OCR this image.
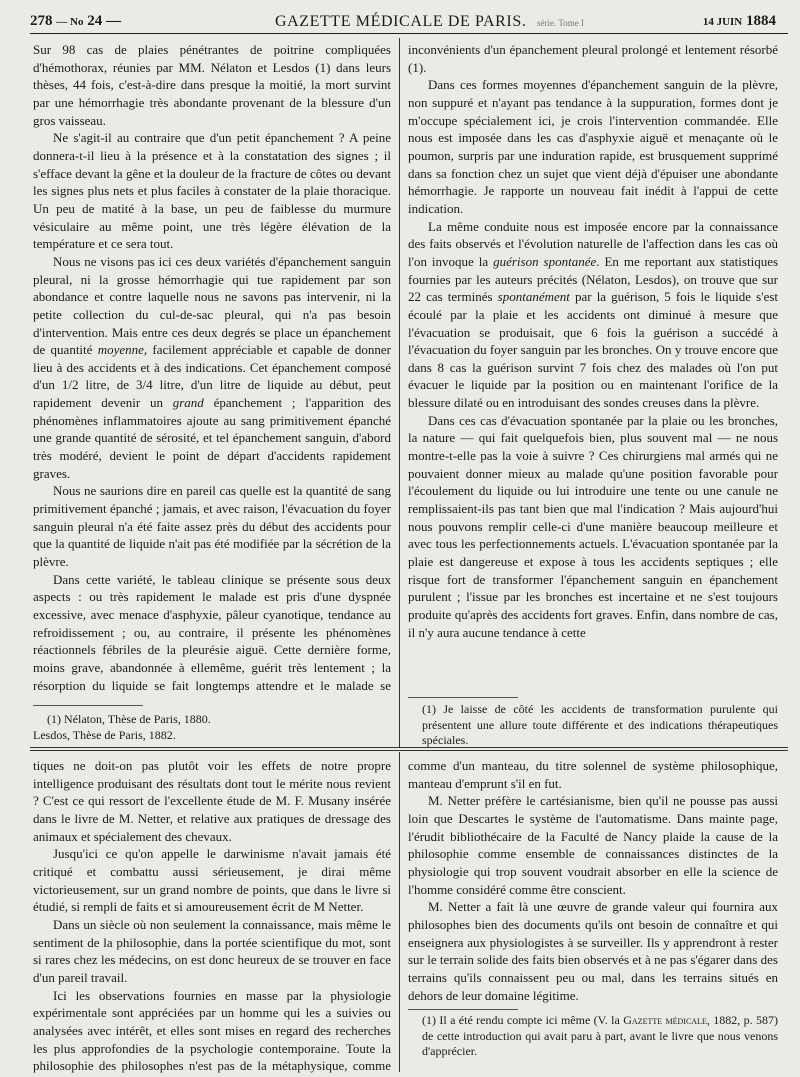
278 — No 24 —	GAZETTE MÉDICALE DE PARIS. série. Tome I	14 JUIN 1884

Sur 98 cas de plaies pénétrantes de poitrine compliquées d'hémothorax, réunies par MM. Nélaton et Lesdos (1) dans leurs thèses, 44 fois, c'est-à-dire dans presque la moitié, la mort survint par une hémorrhagie très abondante provenant de la blessure d'un gros vaisseau.

Ne s'agit-il au contraire que d'un petit épanchement ? A peine donnera-t-il lieu à la présence et à la constatation des signes ; il s'efface devant la gêne et la douleur de la fracture de côtes ou devant les signes plus nets et plus faciles à constater de la plaie thoracique. Un peu de matité à la base, un peu de faiblesse du murmure vésiculaire au même point, une très légère élévation de la température et ce sera tout.

Nous ne visons pas ici ces deux variétés d'épanchement sanguin pleural, ni la grosse hémorrhagie qui tue rapidement par son abondance et contre laquelle nous ne savons pas intervenir, ni la petite collection du cul-de-sac pleural, qui n'a pas besoin d'intervention. Mais entre ces deux degrés se place un épanchement de quantité moyenne, facilement appréciable et capable de donner lieu à des accidents et à des indications. Cet épanchement composé d'un 1/2 litre, de 3/4 litre, d'un litre de liquide au début, peut rapidement devenir un grand épanchement ; l'apparition des phénomènes inflammatoires ajoute au sang primitivement épanché une grande quantité de sérosité, et tel épanchement sanguin, d'abord très modéré, devient le point de départ d'accidents rapidement graves.

Nous ne saurions dire en pareil cas quelle est la quantité de sang primitivement épanché ; jamais, et avec raison, l'évacuation du foyer sanguin pleural n'a été faite assez près du début des accidents pour que la quantité de liquide n'ait pas été modifiée par la sécrétion de la plèvre.

Dans cette variété, le tableau clinique se présente sous deux aspects : ou très rapidement le malade est pris d'une dyspnée excessive, avec menace d'asphyxie, pâleur cyanotique, tendance au refroidissement ; ou, au contraire, il présente les phénomènes réactionnels fébriles de la pleurésie aiguë. Cette dernière forme, moins grave, abandonnée à ellemême, guérit très lentement ; la résorption du liquide se fait longtemps attendre et le malade se

(1) Nélaton, Thèse de Paris, 1880.

Lesdos, Thèse de Paris, 1882.

inconvénients d'un épanchement pleural prolongé et lentement résorbé (1).

Dans ces formes moyennes d'épanchement sanguin de la plèvre, non suppuré et n'ayant pas tendance à la suppuration, formes dont je m'occupe spécialement ici, je crois l'intervention commandée. Elle nous est imposée dans les cas d'asphyxie aiguë et menaçante où le poumon, surpris par une induration rapide, est brusquement supprimé dans sa fonction chez un sujet que vient déjà d'épuiser une abondante hémorrhagie. Je rapporte un nouveau fait inédit à l'appui de cette indication.

La même conduite nous est imposée encore par la connaissance des faits observés et l'évolution naturelle de l'affection dans les cas où l'on invoque la guérison spontanée. En me reportant aux statistiques fournies par les auteurs précités (Nélaton, Lesdos), on trouve que sur 22 cas terminés spontanément par la guérison, 5 fois le liquide s'est écoulé par la plaie et les accidents ont diminué à mesure que l'évacuation se produisait, que 6 fois la guérison a succédé à l'évacuation du foyer sanguin par les bronches. On y trouve encore que dans 8 cas la guérison survint 7 fois chez des malades où l'on put évacuer le liquide par la position ou en maintenant l'orifice de la blessure dilaté ou en introduisant des sondes creuses dans la plèvre.

Dans ces cas d'évacuation spontanée par la plaie ou les bronches, la nature — qui fait quelquefois bien, plus souvent mal — ne nous montre-t-elle pas la voie à suivre ? Ces chirurgiens mal armés qui ne pouvaient donner mieux au malade qu'une position favorable pour l'écoulement du liquide ou lui introduire une tente ou une canule ne remplissaient-ils pas tant bien que mal l'indication ? Mais aujourd'hui nous pouvons remplir celle-ci d'une manière beaucoup meilleure et avec tous les perfectionnements actuels. L'évacuation spontanée par la plaie est dangereuse et expose à tous les accidents septiques ; elle risque fort de transformer l'épanchement sanguin en épanchement purulent ; l'issue par les bronches est incertaine et ne s'est toujours produite qu'après des accidents fort graves. Enfin, dans nombre de cas, il n'y aura aucune tendance à cette

(1) Je laisse de côté les accidents de transformation purulente qui présentent une allure toute différente et des indications thérapeutiques spéciales.

tiques ne doit-on pas plutôt voir les effets de notre propre intelligence produisant des résultats dont tout le mérite nous revient ? C'est ce qui ressort de l'excellente étude de M. F. Musany insérée dans le livre de M. Netter, et relative aux pratiques de dressage des animaux et spécialement des chevaux.

Jusqu'ici ce qu'on appelle le darwinisme n'avait jamais été critiqué et combattu aussi sérieusement, je dirai même victorieusement, sur un grand nombre de points, que dans le livre si étudié, si rempli de faits et si amoureusement écrit de M Netter.

Dans un siècle où non seulement la connaissance, mais même le sentiment de la philosophie, dans la portée scientifique du mot, sont si rares chez les médecins, on est donc heureux de se trouver en face d'un pareil travail.

Ici les observations fournies en masse par la physiologie expérimentale sont appréciées par un homme qui les a suivies ou analysées avec intérêt, et elles sont mises en regard des recherches les plus approfondies de la psychologie contemporaine. Toute la philosophie des philosophes n'est pas de la métaphysique, comme

comme d'un manteau, du titre solennel de système philosophique, manteau d'emprunt s'il en fut.

M. Netter préfère le cartésianisme, bien qu'il ne pousse pas aussi loin que Descartes le système de l'automatisme. Dans mainte page, l'érudit bibliothécaire de la Faculté de Nancy plaide la cause de la philosophie comme ensemble de connaissances distinctes de la physiologie qui trop souvent voudrait absorber en elle la science de l'homme considéré comme être conscient.

M. Netter a fait là une œuvre de grande valeur qui fournira aux philosophes bien des documents qu'ils ont besoin de connaître et qui enseignera aux physiologistes à se surveiller. Ils y apprendront à rester sur le terrain solide des faits bien observés et à ne pas s'égarer dans des terrains qu'ils connaissent peu ou mal, dans les terrains situés en dehors de leur domaine légitime.

(1) Il a été rendu compte ici même (V. la Gazette médicale, 1882, p. 587) de cette introduction qui avait paru à part, avant le livre que nous venons d'apprécier.
